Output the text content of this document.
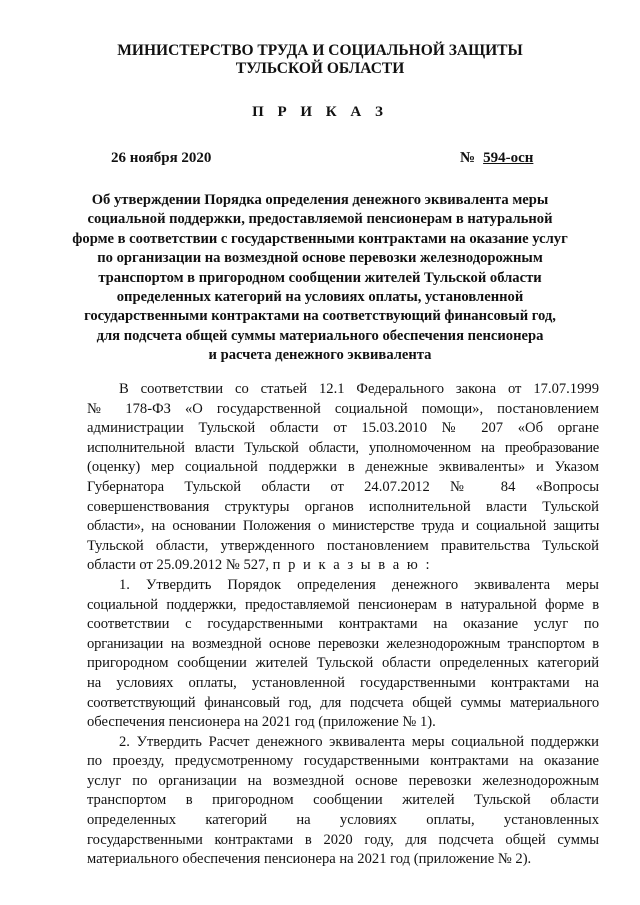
МИНИСТЕРСТВО ТРУДА И СОЦИАЛЬНОЙ ЗАЩИТЫ
ТУЛЬСКОЙ ОБЛАСТИ
П Р И К А З
26 ноября 2020	№ 594-осн
Об утверждении Порядка определения денежного эквивалента меры
социальной поддержки, предоставляемой пенсионерам в натуральной
форме в соответствии с государственными контрактами на оказание услуг
по организации на возмездной основе перевозки железнодорожным
транспортом в пригородном сообщении жителей Тульской области
определенных категорий на условиях оплаты, установленной
государственными контрактами на соответствующий финансовый год,
для подсчета общей суммы материального обеспечения пенсионера
и расчета денежного эквивалента
В соответствии со статьей 12.1 Федерального закона от 17.07.1999
№ 178-ФЗ «О государственной социальной помощи», постановлением
администрации Тульской области от 15.03.2010 № 207 «Об органе
исполнительной власти Тульской области, уполномоченном на преобразование
(оценку) мер социальной поддержки в денежные эквиваленты» и Указом
Губернатора Тульской области от 24.07.2012 № 84 «Вопросы
совершенствования структуры органов исполнительной власти Тульской
области», на основании Положения о министерстве труда и социальной защиты
Тульской области, утвержденного постановлением правительства Тульской
области от 25.09.2012 № 527, п р и к а з ы в а ю :
1. Утвердить Порядок определения денежного эквивалента меры
социальной поддержки, предоставляемой пенсионерам в натуральной форме в
соответствии с государственными контрактами на оказание услуг по
организации на возмездной основе перевозки железнодорожным транспортом в
пригородном сообщении жителей Тульской области определенных категорий
на условиях оплаты, установленной государственными контрактами на
соответствующий финансовый год, для подсчета общей суммы материального
обеспечения пенсионера на 2021 год (приложение № 1).
2. Утвердить Расчет денежного эквивалента меры социальной поддержки
по проезду, предусмотренному государственными контрактами на оказание
услуг по организации на возмездной основе перевозки железнодорожным
транспортом в пригородном сообщении жителей Тульской области
определенных категорий на условиях оплаты, установленных
государственными контрактами в 2020 году, для подсчета общей суммы
материального обеспечения пенсионера на 2021 год (приложение № 2).
